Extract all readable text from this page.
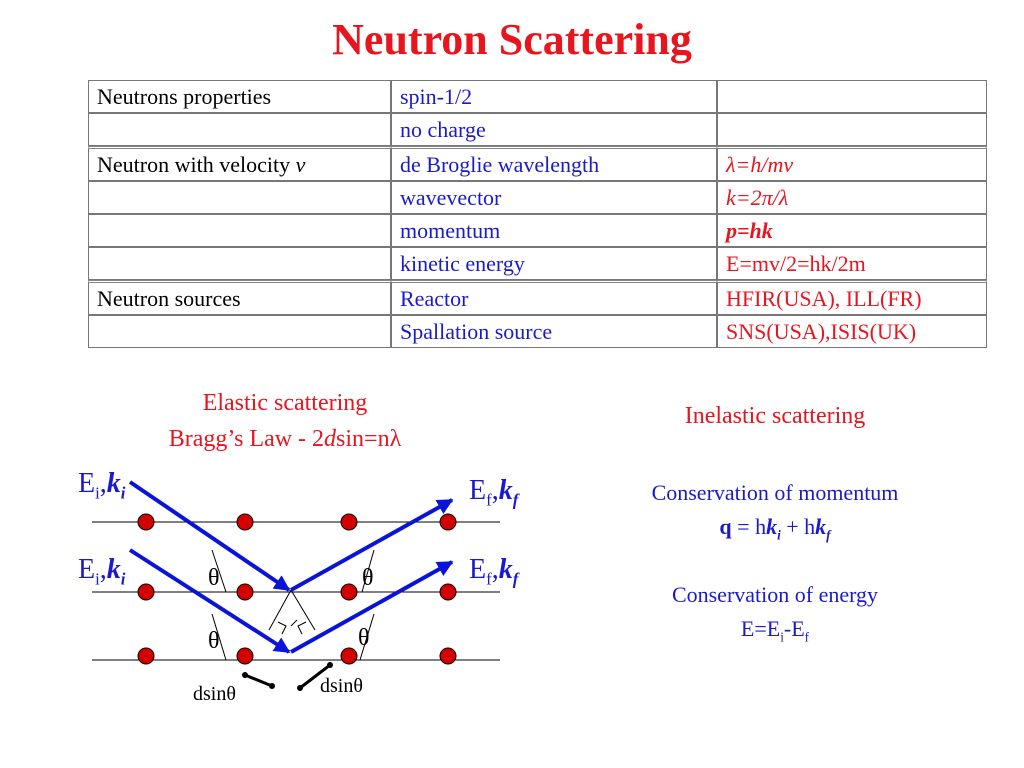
Neutron Scattering
Neutrons properties	spin-1/2	
	no charge	
Neutron with velocity v	de Broglie wavelength	λ=h/mv
	wavevector	k=2π/λ
	momentum	p=hk
	kinetic energy	E=mv/2=hk/2m
Neutron sources	Reactor	HFIR(USA), ILL(FR)
	Spallation source	SNS(USA),ISIS(UK)
Elastic scattering
Bragg’s Law - 2dsin=nλ
θ	θ
θ	θ
dsinθ	dsinθ
$E_i,k_i$
$E_i,k_i$
$E_f,k_f$
$E_f,k_f$
Inelastic scattering
Conservation of momentum
$q = hk_i + hk_f$
Conservation of energy
$E=E_i-E_f$
